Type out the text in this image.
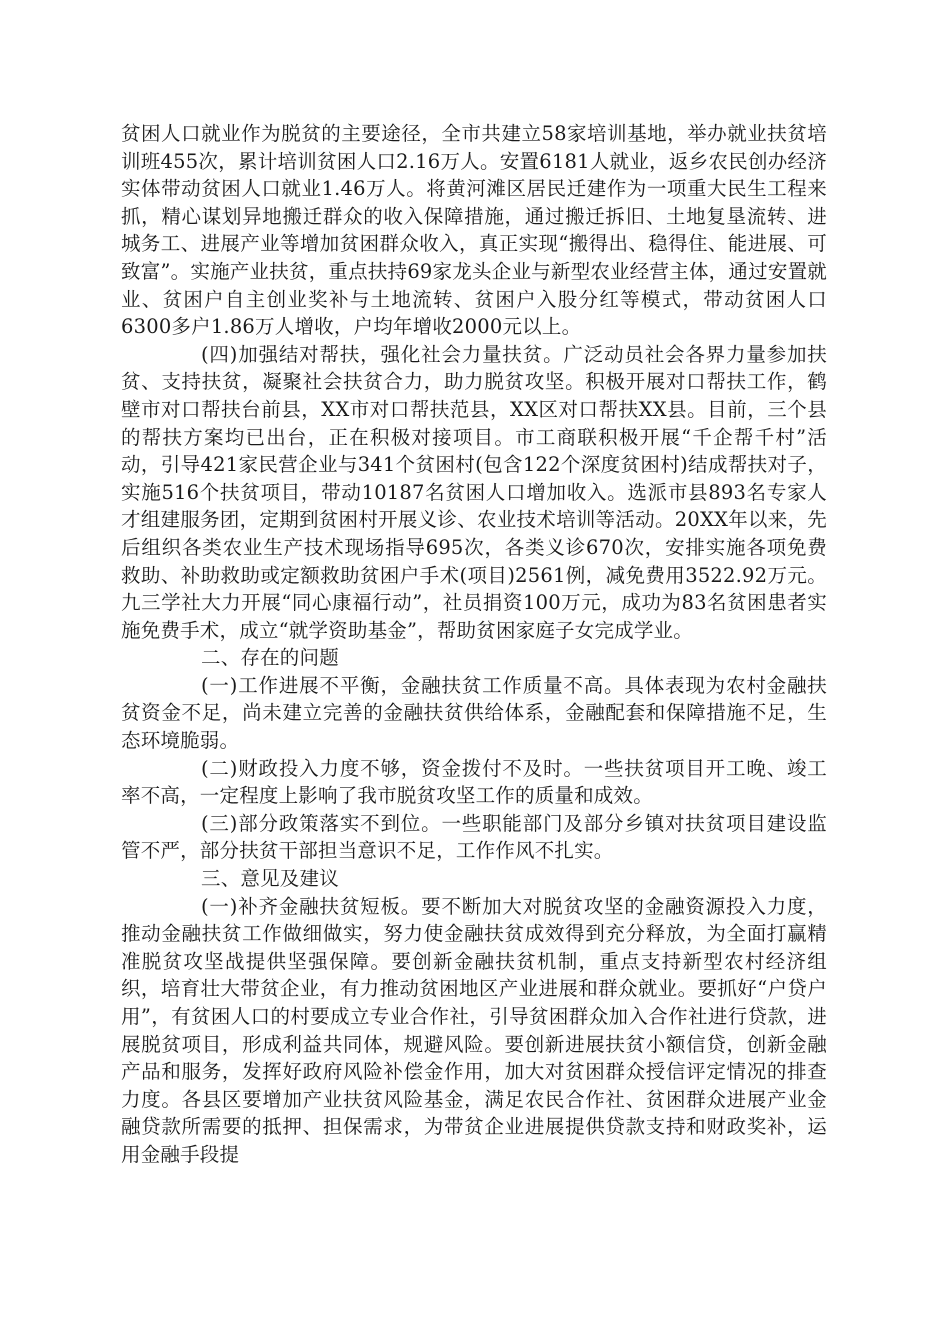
贫困人口就业作为脱贫的主要途径，全市共建立58家培训基地，举办就业扶贫培训班455次，累计培训贫困人口2.16万人。安置6181人就业，返乡农民创办经济实体带动贫困人口就业1.46万人。将黄河滩区居民迁建作为一项重大民生工程来抓，精心谋划异地搬迁群众的收入保障措施，通过搬迁拆旧、土地复垦流转、进城务工、进展产业等增加贫困群众收入，真正实现“搬得出、稳得住、能进展、可致富”。实施产业扶贫，重点扶持69家龙头企业与新型农业经营主体，通过安置就业、贫困户自主创业奖补与土地流转、贫困户入股分红等模式，带动贫困人口6300多户1.86万人增收，户均年增收2000元以上。

(四)加强结对帮扶，强化社会力量扶贫。广泛动员社会各界力量参加扶贫、支持扶贫，凝聚社会扶贫合力，助力脱贫攻坚。积极开展对口帮扶工作，鹤壁市对口帮扶台前县，XX市对口帮扶范县，XX区对口帮扶XX县。目前，三个县的帮扶方案均已出台，正在积极对接项目。市工商联积极开展“千企帮千村”活动，引导421家民营企业与341个贫困村(包含122个深度贫困村)结成帮扶对子，实施516个扶贫项目，带动10187名贫困人口增加收入。选派市县893名专家人才组建服务团，定期到贫困村开展义诊、农业技术培训等活动。20XX年以来，先后组织各类农业生产技术现场指导695次，各类义诊670次，安排实施各项免费救助、补助救助或定额救助贫困户手术(项目)2561例，减免费用3522.92万元。九三学社大力开展“同心康福行动”，社员捐资100万元，成功为83名贫困患者实施免费手术，成立“就学资助基金”，帮助贫困家庭子女完成学业。

二、存在的问题

(一)工作进展不平衡，金融扶贫工作质量不高。具体表现为农村金融扶贫资金不足，尚未建立完善的金融扶贫供给体系，金融配套和保障措施不足，生态环境脆弱。

(二)财政投入力度不够，资金拨付不及时。一些扶贫项目开工晚、竣工率不高，一定程度上影响了我市脱贫攻坚工作的质量和成效。

(三)部分政策落实不到位。一些职能部门及部分乡镇对扶贫项目建设监管不严，部分扶贫干部担当意识不足，工作作风不扎实。

三、意见及建议

(一)补齐金融扶贫短板。要不断加大对脱贫攻坚的金融资源投入力度，推动金融扶贫工作做细做实，努力使金融扶贫成效得到充分释放，为全面打赢精准脱贫攻坚战提供坚强保障。要创新金融扶贫机制，重点支持新型农村经济组织，培育壮大带贫企业，有力推动贫困地区产业进展和群众就业。要抓好“户贷户用”，有贫困人口的村要成立专业合作社，引导贫困群众加入合作社进行贷款，进展脱贫项目，形成利益共同体，规避风险。要创新进展扶贫小额信贷，创新金融产品和服务，发挥好政府风险补偿金作用，加大对贫困群众授信评定情况的排查力度。各县区要增加产业扶贫风险基金，满足农民合作社、贫困群众进展产业金融贷款所需要的抵押、担保需求，为带贫企业进展提供贷款支持和财政奖补，运用金融手段提
